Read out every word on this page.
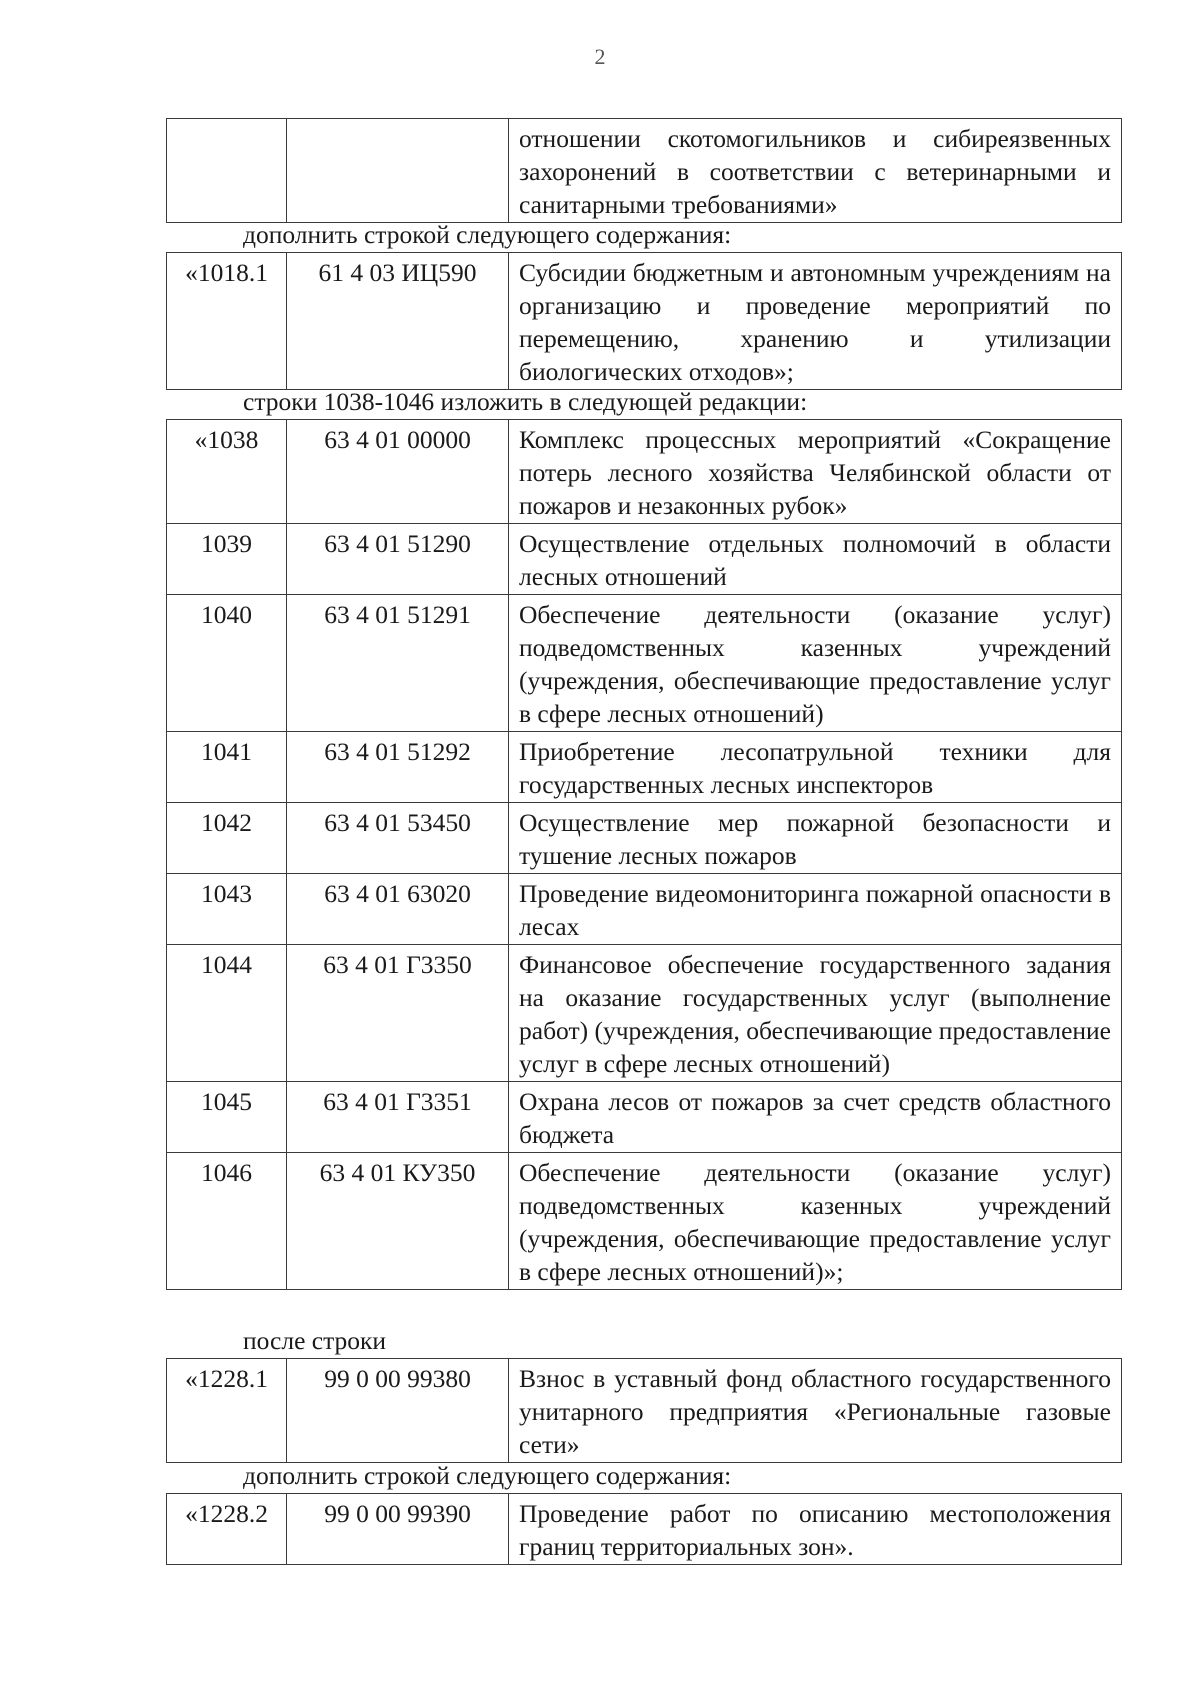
2
		отношении скотомогильников и сибиреязвенных захоронений в соответствии с ветеринарными и санитарными требованиями»
дополнить строкой следующего содержания:
«1018.1	61 4 03 ИЦ590	Субсидии бюджетным и автономным учреждениям на организацию и проведение мероприятий по перемещению, хранению и утилизации биологических отходов»;
строки 1038-1046 изложить в следующей редакции:
«1038	63 4 01 00000	Комплекс процессных мероприятий «Сокращение потерь лесного хозяйства Челябинской области от пожаров и незаконных рубок»
1039	63 4 01 51290	Осуществление отдельных полномочий в области лесных отношений
1040	63 4 01 51291	Обеспечение деятельности (оказание услуг) подведомственных казенных учреждений (учреждения, обеспечивающие предоставление услуг в сфере лесных отношений)
1041	63 4 01 51292	Приобретение лесопатрульной техники для государственных лесных инспекторов
1042	63 4 01 53450	Осуществление мер пожарной безопасности и тушение лесных пожаров
1043	63 4 01 63020	Проведение видеомониторинга пожарной опасности в лесах
1044	63 4 01 Г3350	Финансовое обеспечение государственного задания на оказание государственных услуг (выполнение работ) (учреждения, обеспечивающие предоставление услуг в сфере лесных отношений)
1045	63 4 01 Г3351	Охрана лесов от пожаров за счет средств областного бюджета
1046	63 4 01 КУ350	Обеспечение деятельности (оказание услуг) подведомственных казенных учреждений (учреждения, обеспечивающие предоставление услуг в сфере лесных отношений)»;
после строки
«1228.1	99 0 00 99380	Взнос в уставный фонд областного государственного унитарного предприятия «Региональные газовые сети»
дополнить строкой следующего содержания:
«1228.2	99 0 00 99390	Проведение работ по описанию местоположения границ территориальных зон».
